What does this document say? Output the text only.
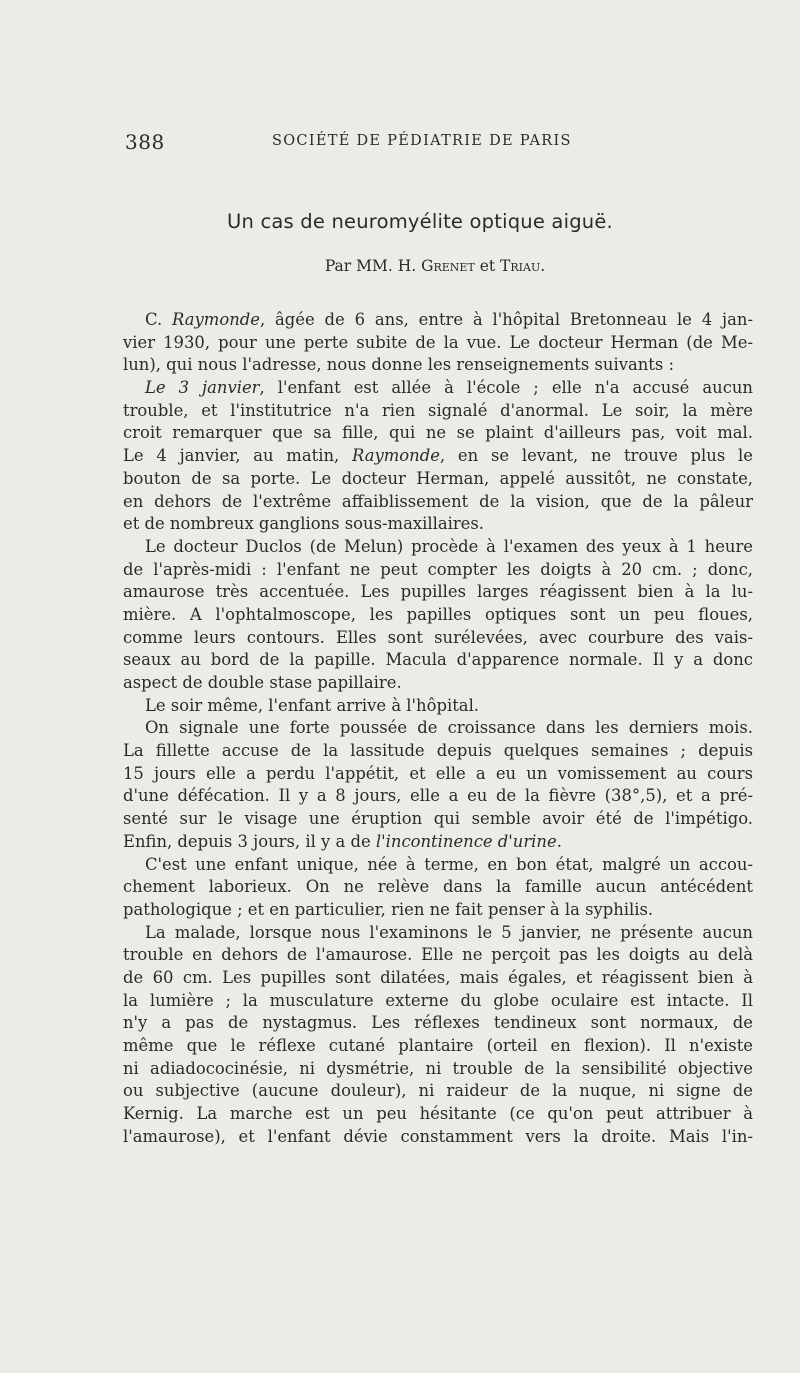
388	SOCIÉTÉ DE PÉDIATRIE DE PARIS
Un cas de neuromyélite optique aiguë.
Par MM. H. Grenet et Triau.
C. Raymonde, âgée de 6 ans, entre à l'hôpital Bretonneau le 4 jan-
vier 1930, pour une perte subite de la vue. Le docteur Herman (de Me-
lun), qui nous l'adresse, nous donne les renseignements suivants :
Le 3 janvier, l'enfant est allée à l'école ; elle n'a accusé aucun
trouble, et l'institutrice n'a rien signalé d'anormal. Le soir, la mère
croit remarquer que sa fille, qui ne se plaint d'ailleurs pas, voit mal.
Le 4 janvier, au matin, Raymonde, en se levant, ne trouve plus le
bouton de sa porte. Le docteur Herman, appelé aussitôt, ne constate,
en dehors de l'extrême affaiblissement de la vision, que de la pâleur
et de nombreux ganglions sous-maxillaires.
Le docteur Duclos (de Melun) procède à l'examen des yeux à 1 heure
de l'après-midi : l'enfant ne peut compter les doigts à 20 cm. ; donc,
amaurose très accentuée. Les pupilles larges réagissent bien à la lu-
mière. A l'ophtalmoscope, les papilles optiques sont un peu floues,
comme leurs contours. Elles sont surélevées, avec courbure des vais-
seaux au bord de la papille. Macula d'apparence normale. Il y a donc
aspect de double stase papillaire.
Le soir même, l'enfant arrive à l'hôpital.
On signale une forte poussée de croissance dans les derniers mois.
La fillette accuse de la lassitude depuis quelques semaines ; depuis
15 jours elle a perdu l'appétit, et elle a eu un vomissement au cours
d'une défécation. Il y a 8 jours, elle a eu de la fièvre (38°,5), et a pré-
senté sur le visage une éruption qui semble avoir été de l'impétigo.
Enfin, depuis 3 jours, il y a de l'incontinence d'urine.
C'est une enfant unique, née à terme, en bon état, malgré un accou-
chement laborieux. On ne relève dans la famille aucun antécédent
pathologique ; et en particulier, rien ne fait penser à la syphilis.
La malade, lorsque nous l'examinons le 5 janvier, ne présente aucun
trouble en dehors de l'amaurose. Elle ne perçoit pas les doigts au delà
de 60 cm. Les pupilles sont dilatées, mais égales, et réagissent bien à
la lumière ; la musculature externe du globe oculaire est intacte. Il
n'y a pas de nystagmus. Les réflexes tendineux sont normaux, de
même que le réflexe cutané plantaire (orteil en flexion). Il n'existe
ni adiadococinésie, ni dysmétrie, ni trouble de la sensibilité objective
ou subjective (aucune douleur), ni raideur de la nuque, ni signe de
Kernig. La marche est un peu hésitante (ce qu'on peut attribuer à
l'amaurose), et l'enfant dévie constamment vers la droite. Mais l'in-
